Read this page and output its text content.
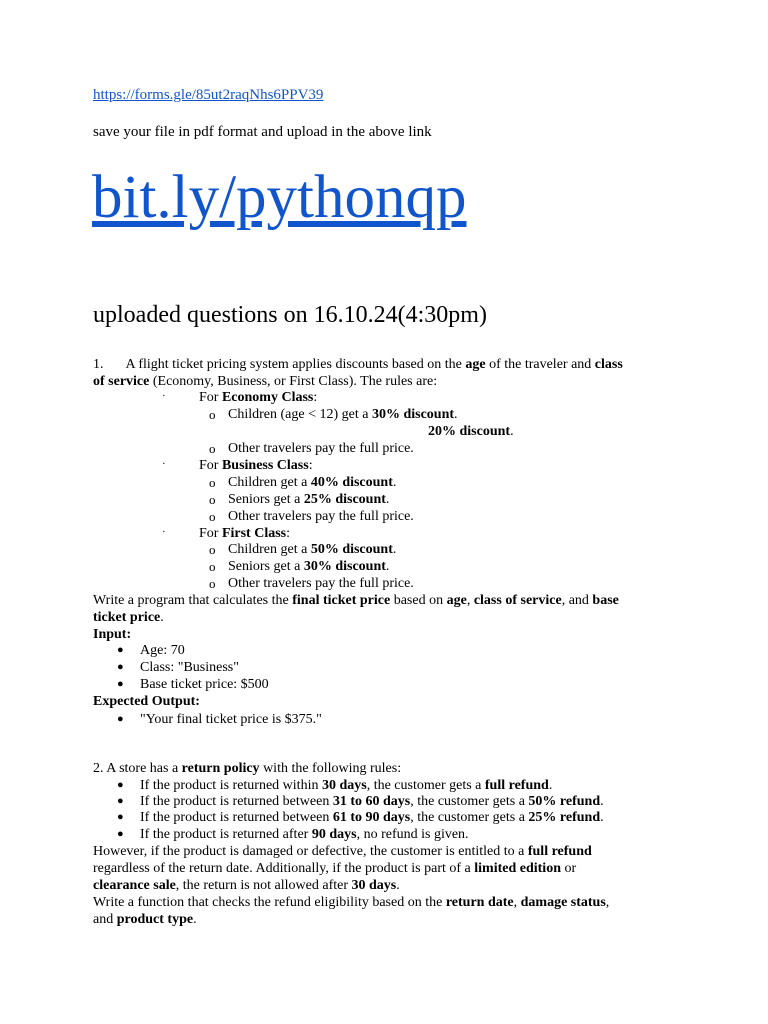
https://forms.gle/85ut2raqNhs6PPV39
save your file in pdf format and upload in the above link
bit.ly/pythonqp
uploaded questions on 16.10.24(4:30pm)
1. A flight ticket pricing system applies discounts based on the age of the traveler and class
of service (Economy, Business, or First Class). The rules are:
· For Economy Class:
o Children (age < 12) get a 30% discount.
20% discount.
o Other travelers pay the full price.
· For Business Class:
o Children get a 40% discount.
o Seniors get a 25% discount.
o Other travelers pay the full price.
· For First Class:
o Children get a 50% discount.
o Seniors get a 30% discount.
o Other travelers pay the full price.
Write a program that calculates the final ticket price based on age, class of service, and base
ticket price.
Input:
● Age: 70
● Class: "Business"
● Base ticket price: $500
Expected Output:
● "Your final ticket price is $375."
2. A store has a return policy with the following rules:
● If the product is returned within 30 days, the customer gets a full refund.
● If the product is returned between 31 to 60 days, the customer gets a 50% refund.
● If the product is returned between 61 to 90 days, the customer gets a 25% refund.
● If the product is returned after 90 days, no refund is given.
However, if the product is damaged or defective, the customer is entitled to a full refund
regardless of the return date. Additionally, if the product is part of a limited edition or
clearance sale, the return is not allowed after 30 days.
Write a function that checks the refund eligibility based on the return date, damage status,
and product type.
